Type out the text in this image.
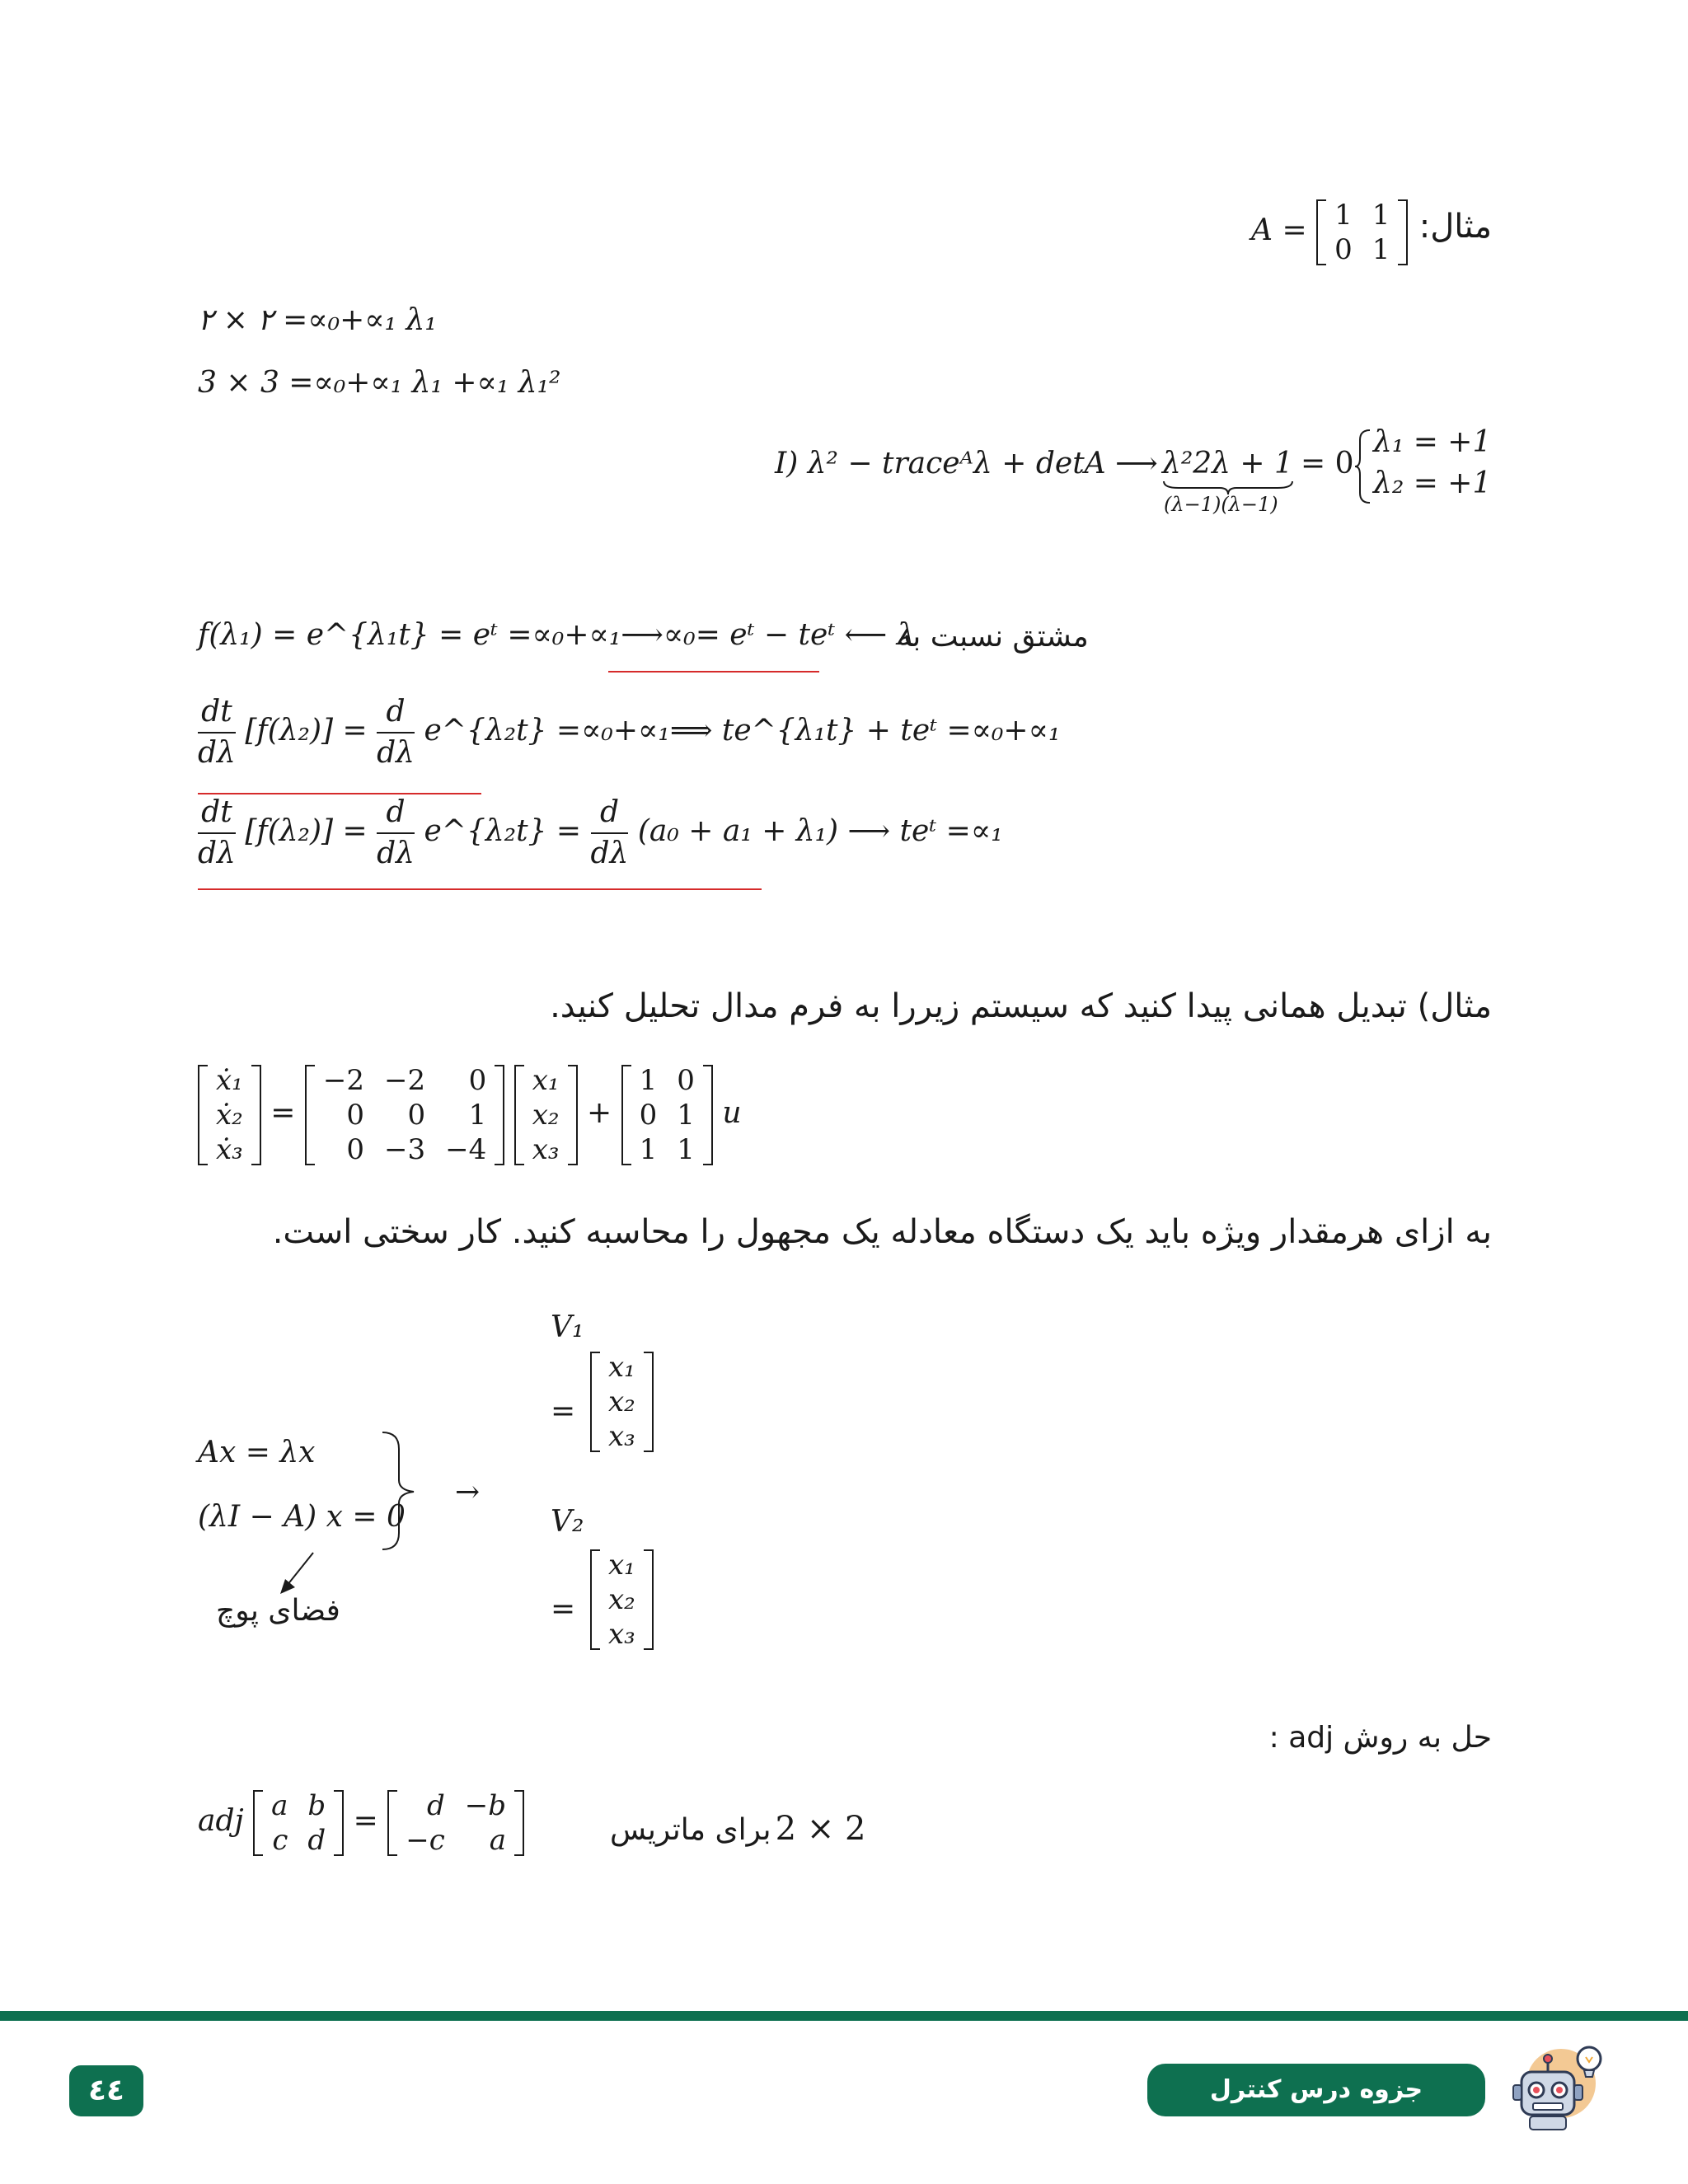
مثال:
A = 1	1
0	1
۲ × ۲ =∝₀+∝₁ λ₁
3 × 3 =∝₀+∝₁ λ₁ +∝₁ λ₁²
I) λ² − traceᴬλ + detA ⟶ λ²2λ + 1
(λ−1)(λ−1)
= 0
λ₁ = +1
λ₂ = +1
f(λ₁) = e^{λ₁t} = eᵗ =∝₀+∝₁⟶∝₀= eᵗ − teᵗ ⟵ λ
مشتق نسبت به
$\frac{dt}{d\lambda} [f(\lambda_2)] = \frac{d}{d\lambda}$ e^{λ₂t} =∝₀+∝₁⟹ te^{λ₁t} + teᵗ =∝₀+∝₁
$\frac{dt}{d\lambda} [f(\lambda_2)] = \frac{d}{d\lambda}$ e^{λ₂t} = $\frac{d}{d\lambda} (a_0 + a_1 + \lambda_1)$ ⟶ teᵗ =∝₁
مثال) تبدیل همانی پیدا کنید که سیستم زیررا به فرم مدال تحلیل کنید.
ẋ₁
ẋ₂
ẋ₃
=
−2	−2	0
0	0	1
0	−3	−4

x₁
x₂
x₃
+
1	0
0	1
1	1
u
به ازای هرمقدار ویژه باید یک دستگاه معادله یک مجهول را محاسبه کنید. کار سختی است.
Ax = λx
(λI − A) x = 0
→
فضای پوچ
V₁
=
x₁
x₂
x₃
V₂
=
x₁
x₂
x₃
حل به روش adj :
adj a	b
c	d
= d	−b
−c	a	برای ماتریس 2 × 2
٤٤	جزوه درس کنترل
